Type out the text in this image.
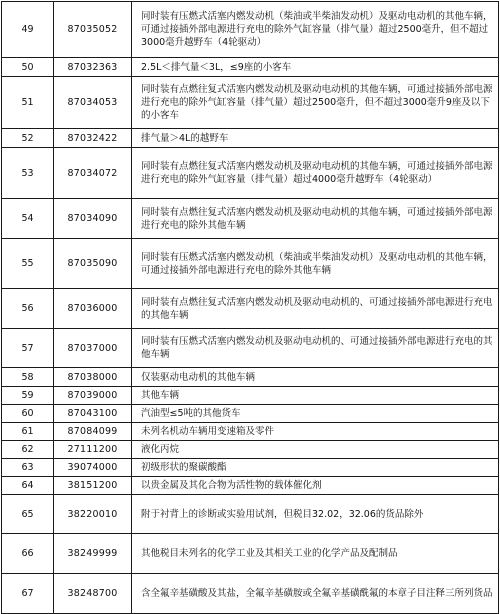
49	87035052	同时装有压燃式活塞内燃发动机（柴油或半柴油发动机）及驱动电动机的其他车辆，可通过接插外部电源进行充电的除外气缸容量（排气量）超过2500毫升，但不超过3000毫升越野车（4轮驱动）
50	87032363	2.5L＜排气量＜3L，≤9座的小客车
51	87034053	同时装有点燃往复式活塞内燃发动机及驱动电动机的其他车辆，可通过接插外部电源进行充电的除外气缸容量（排气量）超过2500毫升，但不超过3000毫升9座及以下的小客车
52	87032422	排气量＞4L的越野车
53	87034072	同时装有点燃往复式活塞内燃发动机及驱动电动机的其他车辆，可通过接插外部电源进行充电的除外气缸容量（排气量）超过4000毫升越野车（4轮驱动）
54	87034090	同时装有点燃往复式活塞内燃发动机及驱动电动机的其他车辆，可通过接插外部电源进行充电的除外其他车辆
55	87035090	同时装有压燃式活塞内燃发动机（柴油或半柴油发动机）及驱动电动机的其他车辆，可通过接插外部电源进行充电的除外其他车辆
56	87036000	同时装有点燃往复式活塞内燃发动机及驱动电动机的、可通过接插外部电源进行充电的其他车辆
57	87037000	同时装有压燃式活塞内燃发动机及驱动电动机的、可通过接插外部电源进行充电的其他车辆
58	87038000	仅装驱动电动机的其他车辆
59	87039000	其他车辆
60	87043100	汽油型≤5吨的其他货车
61	87084099	未列名机动车辆用变速箱及零件
62	27111200	液化丙烷
63	39074000	初级形状的聚碳酸酯
64	38151200	以贵金属及其化合物为活性物的载体催化剂
65	38220010	附于衬背上的诊断或实验用试剂，但税目32.02，32.06的货品除外
66	38249999	其他税目未列名的化学工业及其相关工业的化学产品及配制品
67	38248700	含全氟辛基磺酸及其盐，全氟辛基磺胺或全氟辛基磺酰氟的本章子目注释三所列货品
